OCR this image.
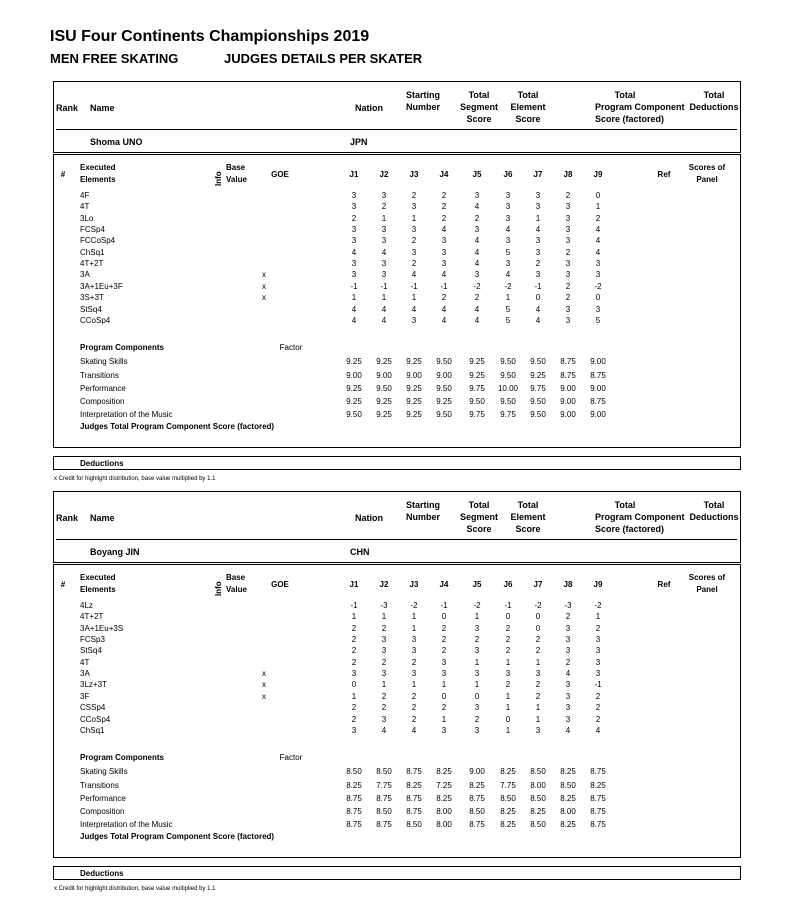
ISU Four Continents Championships 2019
MEN FREE SKATING	JUDGES DETAILS PER SKATER
Rank Name	Nation
Starting
Number
Total
Segment
Score
Total
Element
Score
Total
Program Component
Score (factored)
Total
Deductions
Shoma UNO	JPN
#
Executed
Elements	Info
Base
Value
GOE	J1	J2	J3	J4	J5	J6	J7	J8	J9	Ref
Scores of
Panel
4F	3	3	2	2	3	3	3	2	0
4T	3	2	3	2	4	3	3	3	1
3Lo	2	1	1	2	2	3	1	3	2
FCSp4	3	3	3	4	3	4	4	3	4
FCCoSp4	3	3	2	3	4	3	3	3	4
ChSq1	4	4	3	3	4	5	3	2	4
4T+2T	3	3	2	3	4	3	2	3	3
3A	x	3	3	4	4	3	4	3	3	3
3A+1Eu+3F	x	-1	-1	-1	-1	-2	-2	-1	2	-2
3S+3T	x	1	1	1	2	2	1	0	2	0
StSq4	4	4	4	4	4	5	4	3	3
CCoSp4	4	4	3	4	4	5	4	3	5
Program Components	Factor
Skating Skills	9.25	9.25	9.25	9.50	9.25	9.50	9.50	8.75	9.00
Transitions	9.00	9.00	9.00	9.00	9.25	9.50	9.25	8.75	8.75
Performance	9.25	9.50	9.25	9.50	9.75	10.00	9.75	9.00	9.00
Composition	9.25	9.25	9.25	9.25	9.50	9.50	9.50	9.00	8.75
Interpretation of the Music	9.50	9.25	9.25	9.50	9.75	9.75	9.50	9.00	9.00
Judges Total Program Component Score (factored)
Deductions
x Credit for highlight distribution, base value multiplied by 1.1
Rank Name	Nation
Starting
Number
Total
Segment
Score
Total
Element
Score
Total
Program Component
Score (factored)
Total
Deductions
Boyang JIN	CHN
#
Executed
Elements	Info
Base
Value
GOE	J1	J2	J3	J4	J5	J6	J7	J8	J9	Ref
Scores of
Panel
4Lz	-1	-3	-2	-1	-2	-1	-2	-3	-2
4T+2T	1	1	1	0	1	0	0	2	1
3A+1Eu+3S	2	2	1	2	3	2	0	3	2
FCSp3	2	3	3	2	2	2	2	3	3
StSq4	2	3	3	2	3	2	2	3	3
4T	2	2	2	3	1	1	1	2	3
3A	x	3	3	3	3	3	3	3	4	3
3Lz+3T	x	0	1	1	1	1	2	2	3	-1
3F	x	1	2	2	0	0	1	2	3	2
CSSp4	2	2	2	2	3	1	1	3	2
CCoSp4	2	3	2	1	2	0	1	3	2
ChSq1	3	4	4	3	3	1	3	4	4
Program Components	Factor
Skating Skills	8.50	8.50	8.75	8.25	9.00	8.25	8.50	8.25	8.75
Transitions	8.25	7.75	8.25	7.25	8.25	7.75	8.00	8.50	8.25
Performance	8.75	8.75	8.75	8.25	8.75	8.50	8.50	8.25	8.75
Composition	8.75	8.50	8.75	8.00	8.50	8.25	8.25	8.00	8.75
Interpretation of the Music	8.75	8.75	8.50	8.00	8.75	8.25	8.50	8.25	8.75
Judges Total Program Component Score (factored)
Deductions
x Credit for highlight distribution, base value multiplied by 1.1
